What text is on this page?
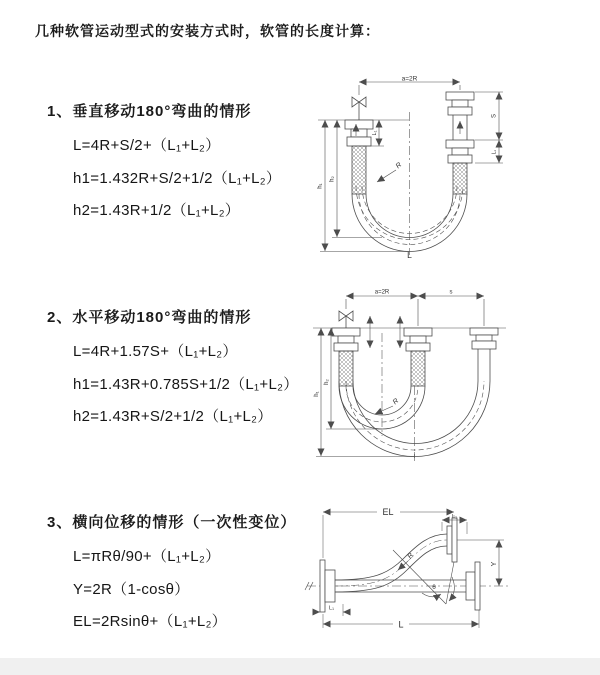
几种软管运动型式的安装方式时，软管的长度计算：
1、垂直移动180°弯曲的情形

L=4R+S/2+（L₁+L₂）

h1=1.432R+S/2+1/2（L₁+L₂）

h2=1.43R+1/2（L₁+L₂）

2、水平移动180°弯曲的情形

L=4R+1.57S+（L₁+L₂）

h1=1.43R+0.785S+1/2（L₁+L₂）

h2=1.43R+S/2+1/2（L₁+L₂）

3、横向位移的情形（一次性变位）

L=πRθ/90+（L₁+L₂）

Y=2R（1-cosθ）

EL=2Rsinθ+（L₁+L₂）

a=2R
h₁
h₂
L₁
S
L₁
R
L
a=2R	s
h₁
h₂
R
EL	L₁
Y
R
θ
L
L₁
